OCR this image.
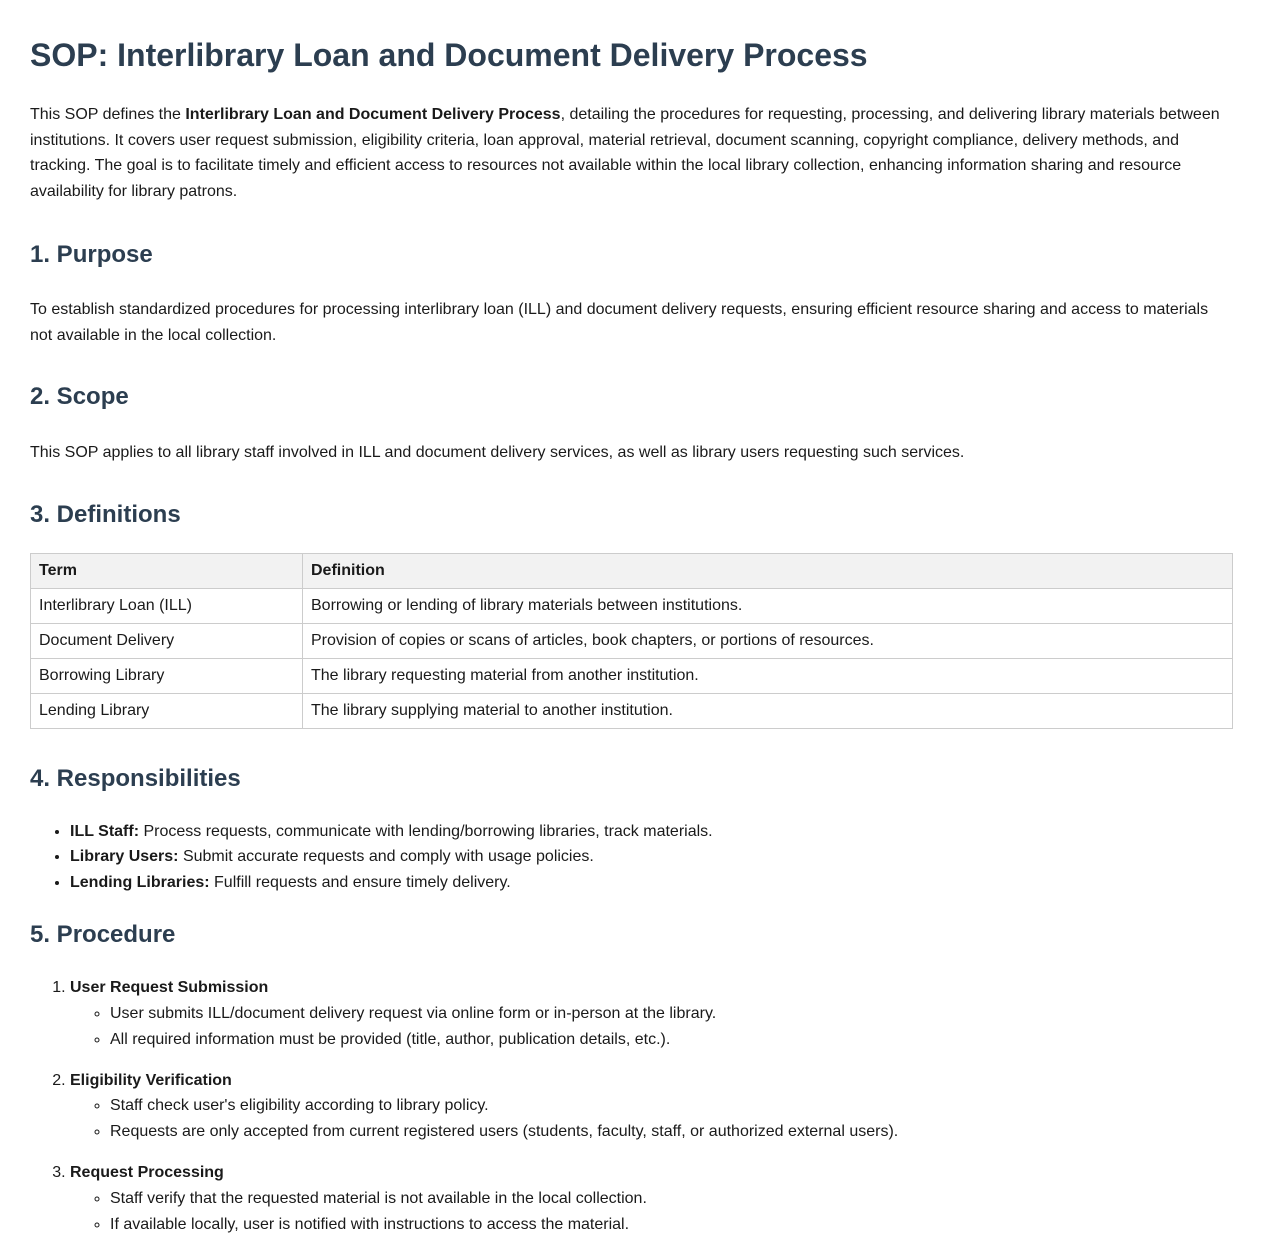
SOP: Interlibrary Loan and Document Delivery Process

This SOP defines the Interlibrary Loan and Document Delivery Process, detailing the procedures for requesting, processing, and delivering library materials between institutions. It covers user request submission, eligibility criteria, loan approval, material retrieval, document scanning, copyright compliance, delivery methods, and tracking. The goal is to facilitate timely and efficient access to resources not available within the local library collection, enhancing information sharing and resource availability for library patrons.

1. Purpose

To establish standardized procedures for processing interlibrary loan (ILL) and document delivery requests, ensuring efficient resource sharing and access to materials not available in the local collection.

2. Scope

This SOP applies to all library staff involved in ILL and document delivery services, as well as library users requesting such services.

3. Definitions
Term	Definition
Interlibrary Loan (ILL)	Borrowing or lending of library materials between institutions.
Document Delivery	Provision of copies or scans of articles, book chapters, or portions of resources.
Borrowing Library	The library requesting material from another institution.
Lending Library	The library supplying material to another institution.
4. Responsibilities
• ILL Staff: Process requests, communicate with lending/borrowing libraries, track materials.
• Library Users: Submit accurate requests and comply with usage policies.
• Lending Libraries: Fulfill requests and ensure timely delivery.
5. Procedure
1. User Request Submission
◦ User submits ILL/document delivery request via online form or in-person at the library.
◦ All required information must be provided (title, author, publication details, etc.).
2. Eligibility Verification
◦ Staff check user's eligibility according to library policy.
◦ Requests are only accepted from current registered users (students, faculty, staff, or authorized external users).
3. Request Processing
◦ Staff verify that the requested material is not available in the local collection.
◦ If available locally, user is notified with instructions to access the material.
